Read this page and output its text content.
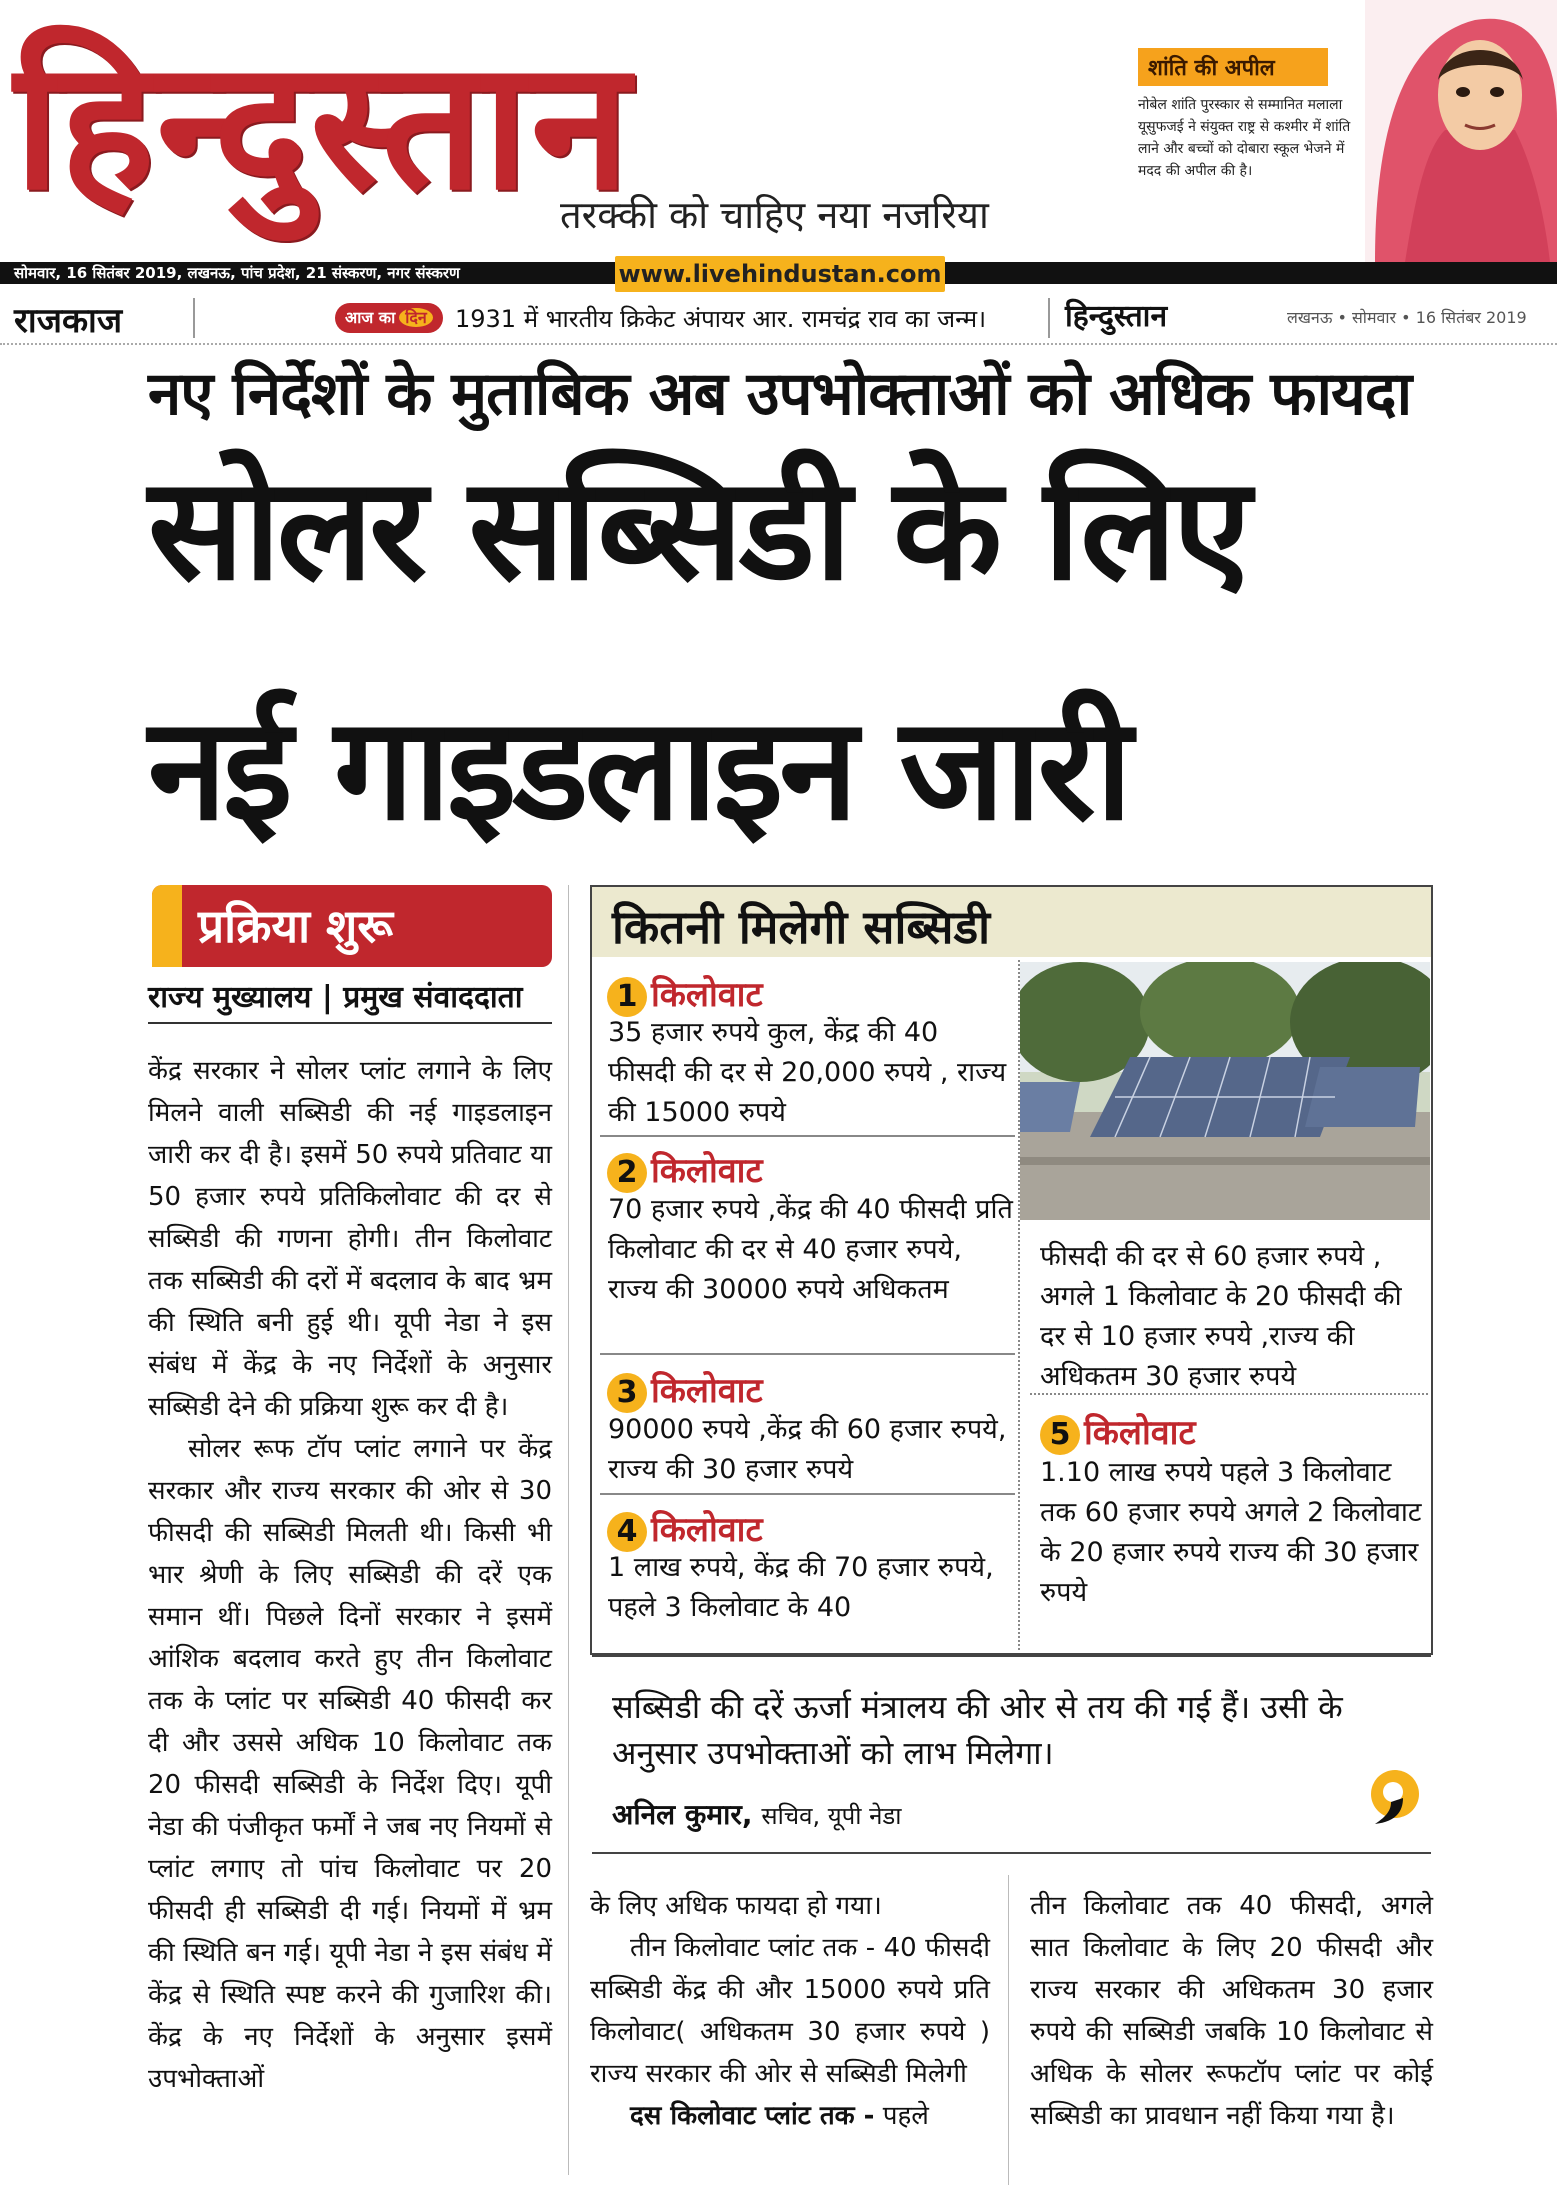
हिन्दुस्तान
तरक्की को चाहिए नया नजरिया
शांति की अपील
नोबेल शांति पुरस्कार से सम्मानित मलाला यूसुफजई ने संयुक्त राष्ट्र से कश्मीर में शांति लाने और बच्चों को दोबारा स्कूल भेजने में मदद की अपील की है।
सोमवार, 16 सितंबर 2019, लखनऊ, पांच प्रदेश, 21 संस्करण, नगर संस्करण	www.livehindustan.com
राजकाज	आज का दिन	1931 में भारतीय क्रिकेट अंपायर आर. रामचंद्र राव का जन्म।	हिन्दुस्तान	लखनऊ • सोमवार • 16 सितंबर 2019
नए निर्देशों के मुताबिक अब उपभोक्ताओं को अधिक फायदा
सोलर सब्सिडी के लिए
नई गाइडलाइन जारी
प्रक्रिया शुरू
राज्य मुख्यालय | प्रमुख संवाददाता

केंद्र सरकार ने सोलर प्लांट लगाने के लिए मिलने वाली सब्सिडी की नई गाइडलाइन जारी कर दी है। इसमें 50 रुपये प्रतिवाट या 50 हजार रुपये प्रतिकिलोवाट की दर से सब्सिडी की गणना होगी। तीन किलोवाट तक सब्सिडी की दरों में बदलाव के बाद भ्रम की स्थिति बनी हुई थी। यूपी नेडा ने इस संबंध में केंद्र के नए निर्देशों के अनुसार सब्सिडी देने की प्रक्रिया शुरू कर दी है।

सोलर रूफ टॉप प्लांट लगाने पर केंद्र सरकार और राज्य सरकार की ओर से 30 फीसदी की सब्सिडी मिलती थी। किसी भी भार श्रेणी के लिए सब्सिडी की दरें एक समान थीं। पिछले दिनों सरकार ने इसमें आंशिक बदलाव करते हुए तीन किलोवाट तक के प्लांट पर सब्सिडी 40 फीसदी कर दी और उससे अधिक 10 किलोवाट तक 20 फीसदी सब्सिडी के निर्देश दिए। यूपी नेडा की पंजीकृत फर्मों ने जब नए नियमों से प्लांट लगाए तो पांच किलोवाट पर 20 फीसदी ही सब्सिडी दी गई। नियमों में भ्रम की स्थिति बन गई। यूपी नेडा ने इस संबंध में केंद्र से स्थिति स्पष्ट करने की गुजारिश की। केंद्र के नए निर्देशों के अनुसार इसमें उपभोक्ताओं

कितनी मिलेगी सब्सिडी
1 किलोवाट
35 हजार रुपये कुल, केंद्र की 40 फीसदी की दर से 20,000 रुपये , राज्य की 15000 रुपये
2 किलोवाट
70 हजार रुपये ,केंद्र की 40 फीसदी प्रति किलोवाट की दर से 40 हजार रुपये, राज्य की 30000 रुपये अधिकतम
3 किलोवाट
90000 रुपये ,केंद्र की 60 हजार रुपये, राज्य की 30 हजार रुपये
4 किलोवाट
1 लाख रुपये, केंद्र की 70 हजार रुपये, पहले 3 किलोवाट के 40
फीसदी की दर से 60 हजार रुपये , अगले 1 किलोवाट के 20 फीसदी की दर से 10 हजार रुपये ,राज्य की अधिकतम 30 हजार रुपये
5 किलोवाट
1.10 लाख रुपये पहले 3 किलोवाट तक 60 हजार रुपये अगले 2 किलोवाट के 20 हजार रुपये राज्य की 30 हजार रुपये
सब्सिडी की दरें ऊर्जा मंत्रालय की ओर से तय की गई हैं। उसी के अनुसार उपभोक्ताओं को लाभ मिलेगा।
अनिल कुमार, सचिव, यूपी नेडा

के लिए अधिक फायदा हो गया।

तीन किलोवाट प्लांट तक - 40 फीसदी सब्सिडी केंद्र की और 15000 रुपये प्रति किलोवाट( अधिकतम 30 हजार रुपये ) राज्य सरकार की ओर से सब्सिडी मिलेगी

दस किलोवाट प्लांट तक - पहले

तीन किलोवाट तक 40 फीसदी, अगले सात किलोवाट के लिए 20 फीसदी और राज्य सरकार की अधिकतम 30 हजार रुपये की सब्सिडी जबकि 10 किलोवाट से अधिक के सोलर रूफटॉप प्लांट पर कोई सब्सिडी का प्रावधान नहीं किया गया है।
